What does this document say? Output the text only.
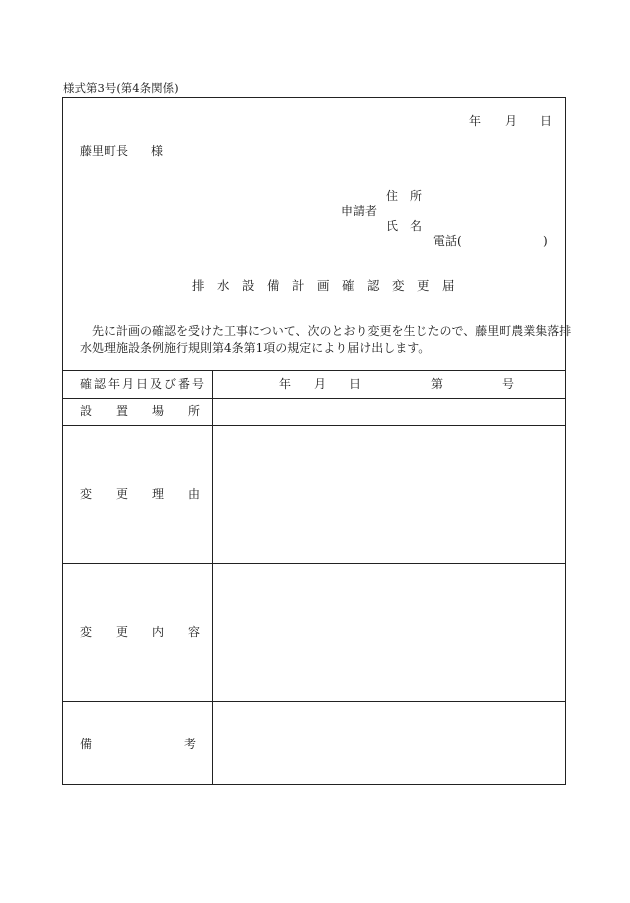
様式第3号(第4条関係)
年 月 日
藤里町長 様
住　所
申請者
氏　名
電話(	)
排　水　設　備　計　画　確　認　変　更　届
先に計画の確認を受けた工事について、次のとおり変更を生じたので、藤里町農業集落排
水処理施設条例施行規則第4条第1項の規定により届け出します。
確認年月日及び番号	年 月 日	第	号
設　　置　　場　　所
変　　更　　理　　由
変　　更　　内　　容
備	考
